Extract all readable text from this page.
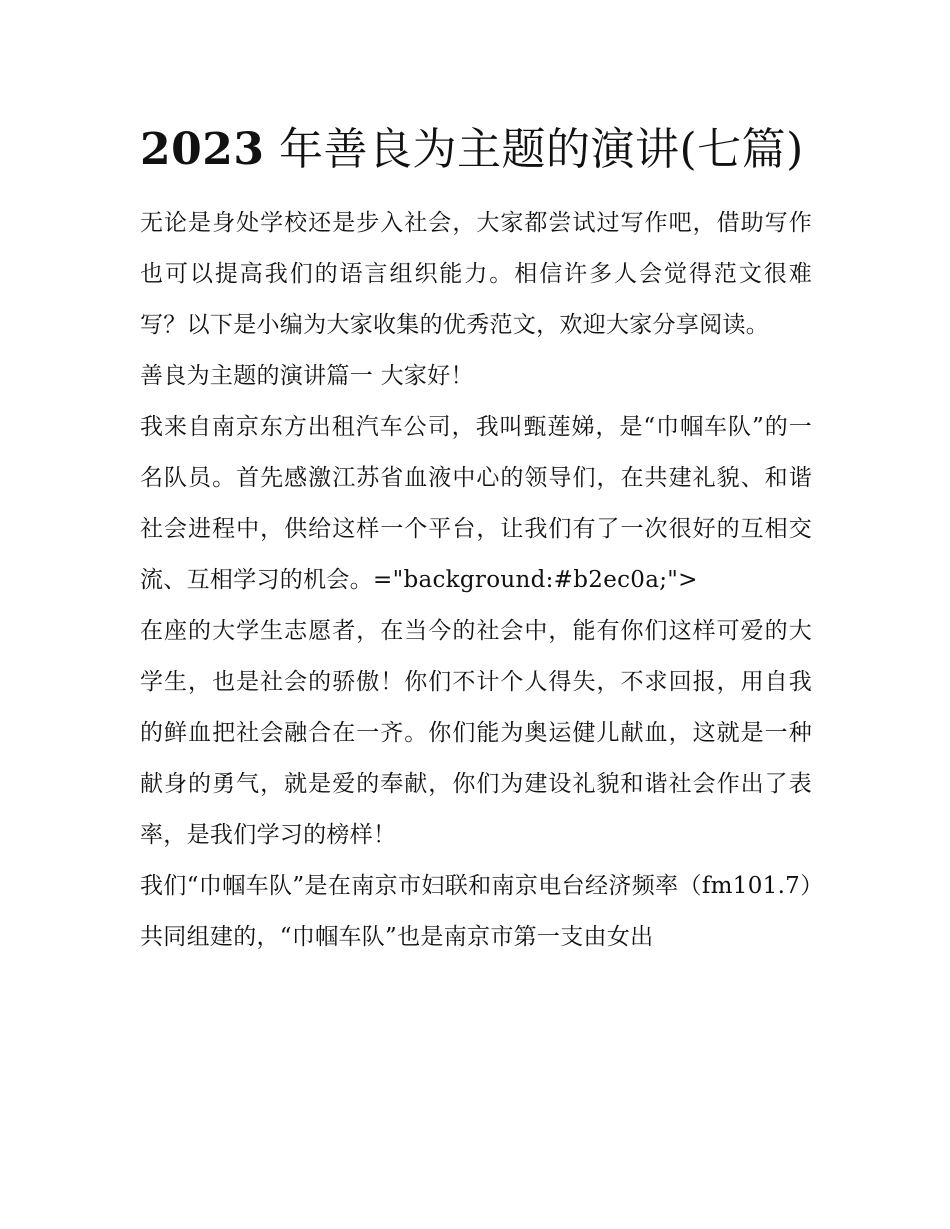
2023 年善良为主题的演讲(七篇)

无论是身处学校还是步入社会，大家都尝试过写作吧，借助写作也可以提高我们的语言组织能力。相信许多人会觉得范文很难写？以下是小编为大家收集的优秀范文，欢迎大家分享阅读。

善良为主题的演讲篇一 大家好！

我来自南京东方出租汽车公司，我叫甄莲娣，是“巾帼车队”的一名队员。首先感激江苏省血液中心的领导们，在共建礼貌、和谐社会进程中，供给这样一个平台，让我们有了一次很好的互相交流、互相学习的机会。="background:#b2ec0a;">

在座的大学生志愿者，在当今的社会中，能有你们这样可爱的大学生，也是社会的骄傲！你们不计个人得失，不求回报，用自我的鲜血把社会融合在一齐。你们能为奥运健儿献血，这就是一种献身的勇气，就是爱的奉献，你们为建设礼貌和谐社会作出了表率，是我们学习的榜样！

我们“巾帼车队”是在南京市妇联和南京电台经济频率（fm101.7）共同组建的，“巾帼车队”也是南京市第一支由女出
